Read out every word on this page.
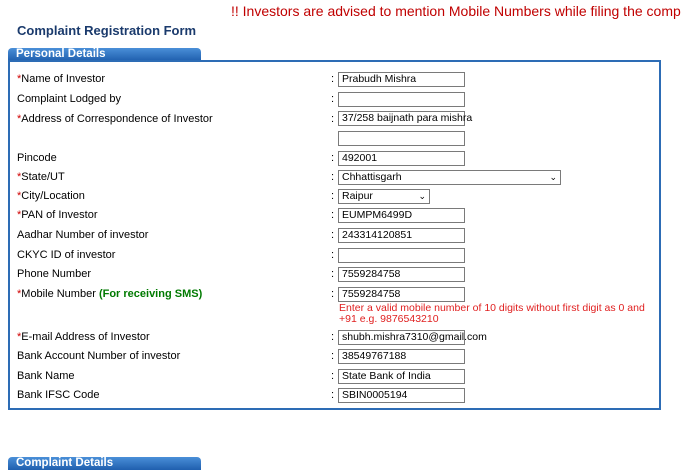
!! Investors are advised to mention Mobile Numbers while filing the comp
Complaint Registration Form
Personal Details
*Name of Investor	: Prabudh Mishra
Complaint Lodged by	:
*Address of Correspondence of Investor	: 37/258 baijnath para mishra
Pincode	: 492001
*State/UT	: Chhattisgarh	⌄
*City/Location	: Raipur	⌄
*PAN of Investor	: EUMPM6499D
Aadhar Number of investor	: 243314120851
CKYC ID of investor	:
Phone Number	: 7559284758
*Mobile Number (For receiving SMS)	: 7559284758
Enter a valid mobile number of 10 digits without first digit as 0 and +91 e.g. 9876543210
*E-mail Address of Investor	: shubh.mishra7310@gmail.com
Bank Account Number of investor	: 38549767188
Bank Name	: State Bank of India
Bank IFSC Code	: SBIN0005194
Complaint Details
